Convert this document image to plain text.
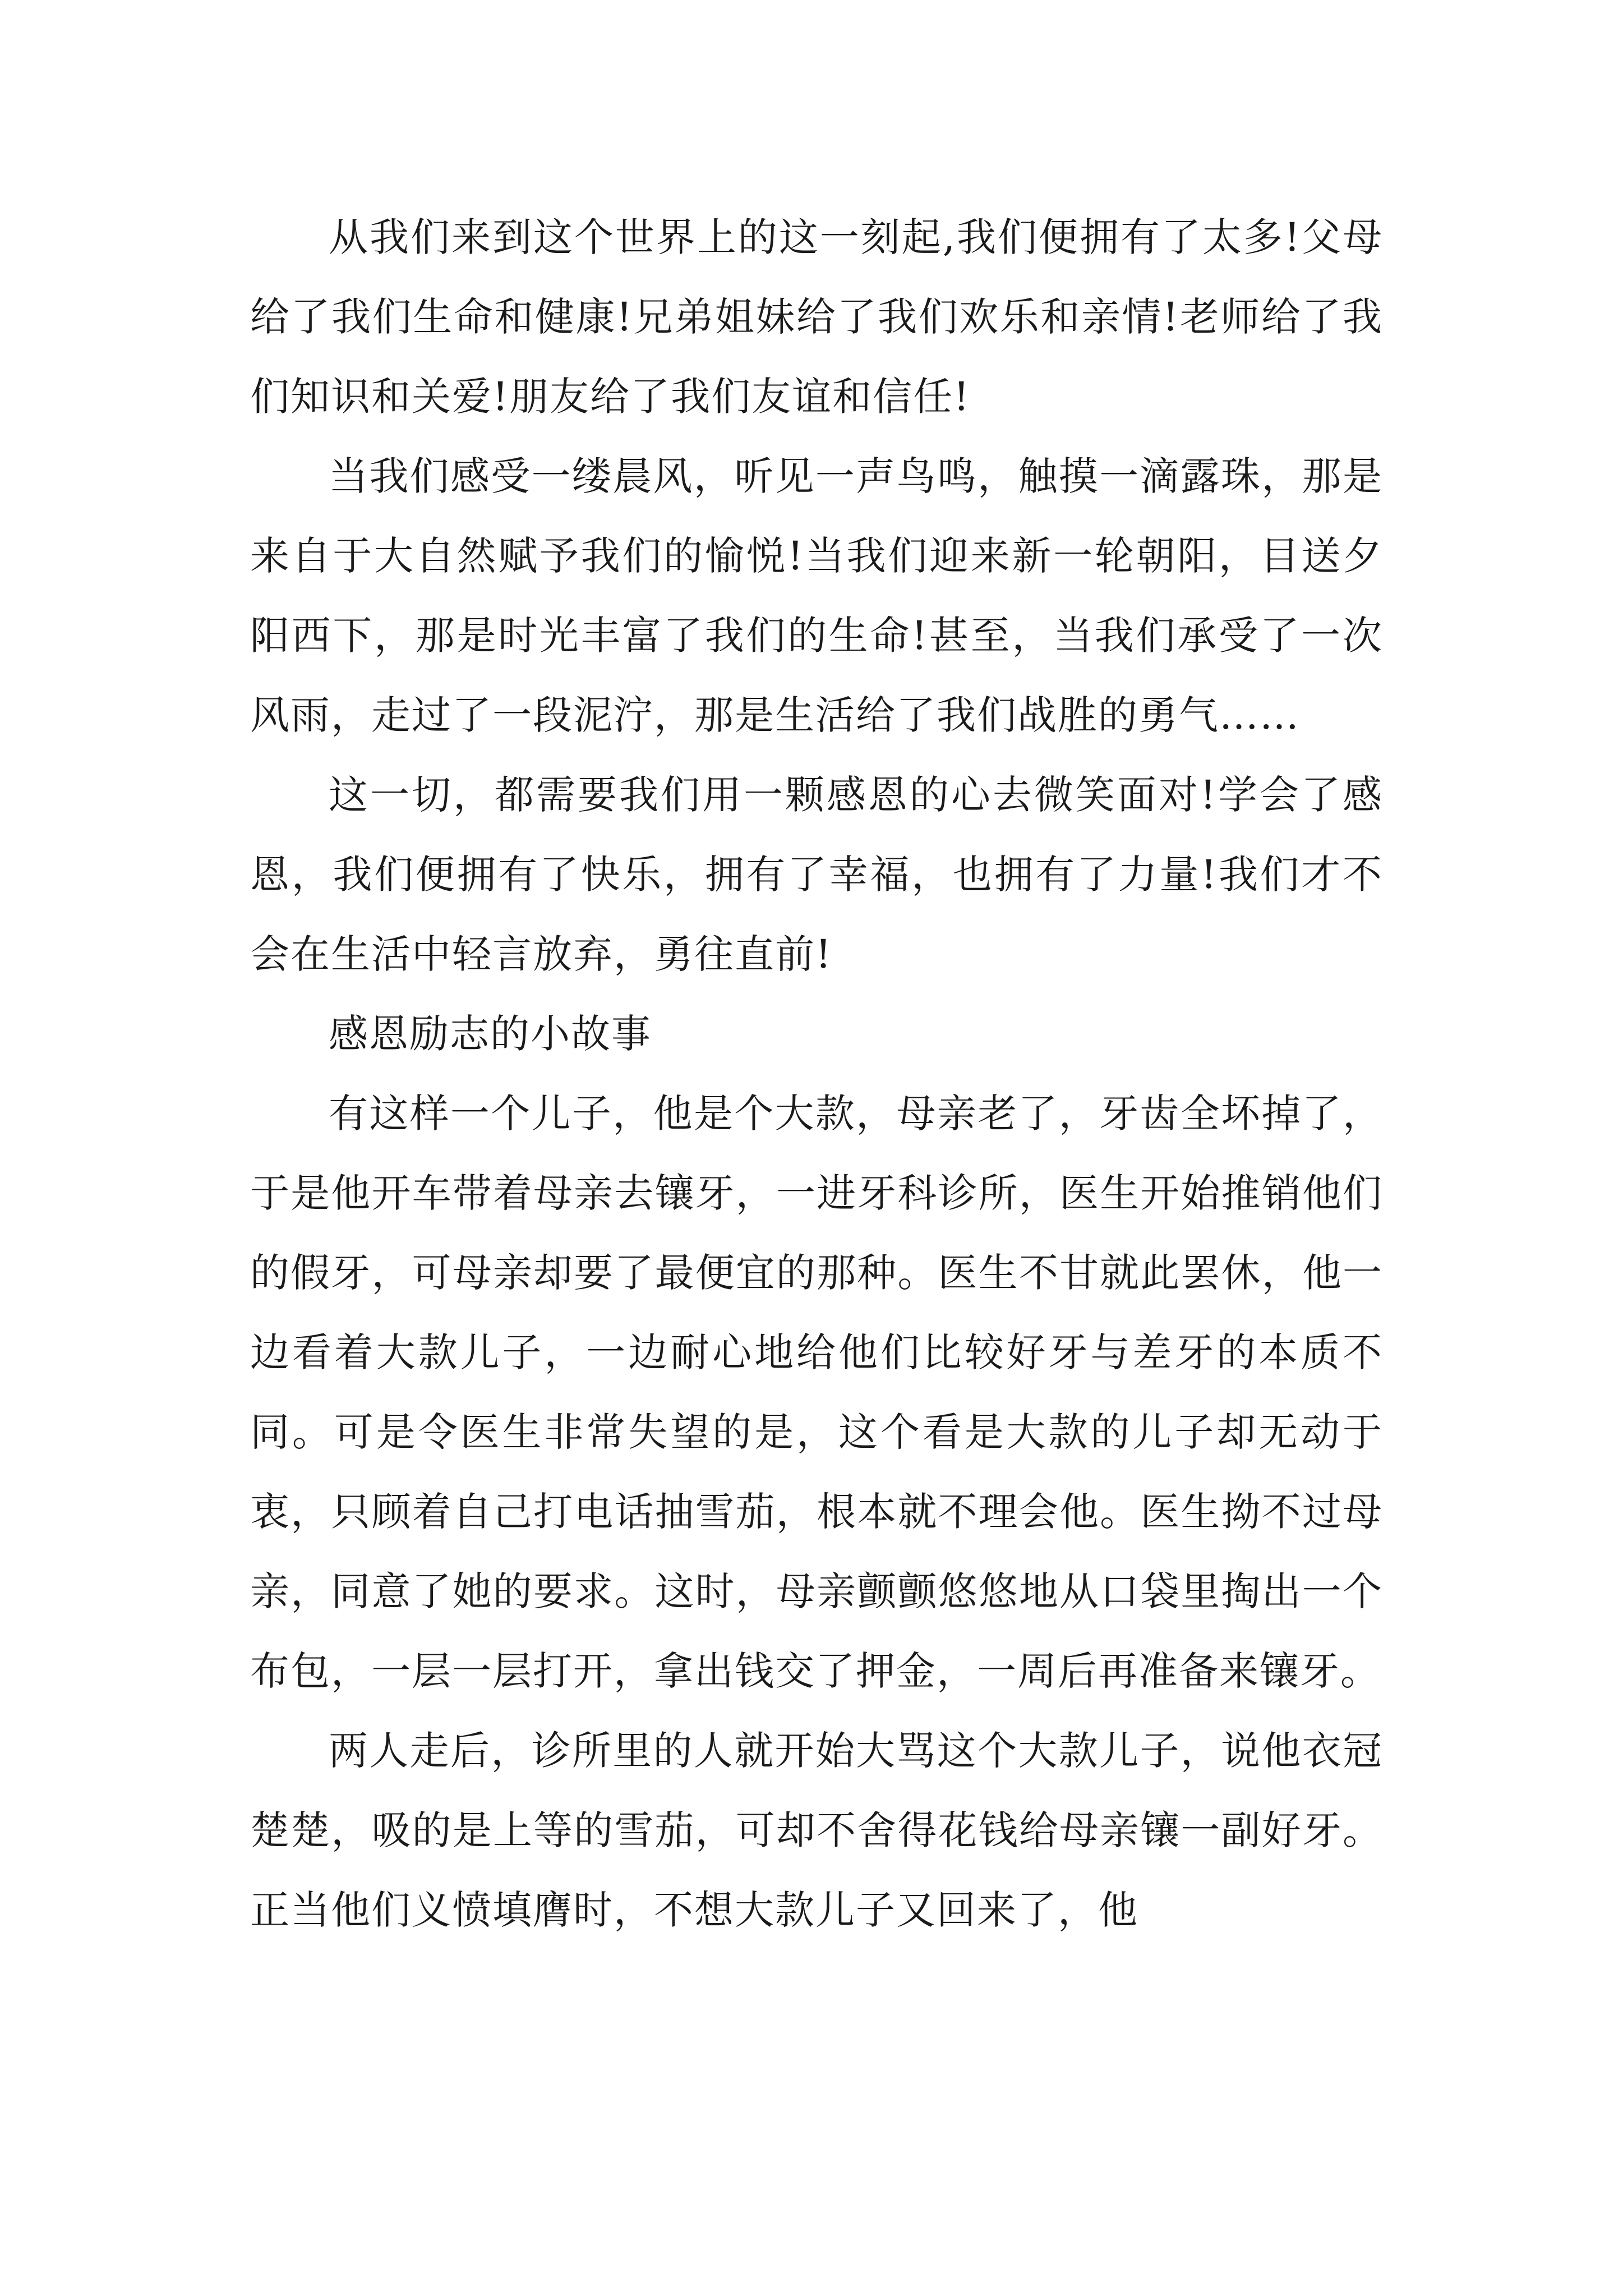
从我们来到这个世界上的这一刻起,我们便拥有了太多!父母给了我们生命和健康!兄弟姐妹给了我们欢乐和亲情!老师给了我们知识和关爱!朋友给了我们友谊和信任!

当我们感受一缕晨风，听见一声鸟鸣，触摸一滴露珠，那是来自于大自然赋予我们的愉悦!当我们迎来新一轮朝阳，目送夕阳西下，那是时光丰富了我们的生命!甚至，当我们承受了一次风雨，走过了一段泥泞，那是生活给了我们战胜的勇气……

这一切，都需要我们用一颗感恩的心去微笑面对!学会了感恩，我们便拥有了快乐，拥有了幸福，也拥有了力量!我们才不会在生活中轻言放弃，勇往直前!

感恩励志的小故事

有这样一个儿子，他是个大款，母亲老了，牙齿全坏掉了，于是他开车带着母亲去镶牙，一进牙科诊所，医生开始推销他们的假牙，可母亲却要了最便宜的那种。医生不甘就此罢休，他一边看着大款儿子，一边耐心地给他们比较好牙与差牙的本质不同。可是令医生非常失望的是，这个看是大款的儿子却无动于衷，只顾着自己打电话抽雪茄，根本就不理会他。医生拗不过母亲，同意了她的要求。这时，母亲颤颤悠悠地从口袋里掏出一个布包，一层一层打开，拿出钱交了押金，一周后再准备来镶牙。

两人走后，诊所里的人就开始大骂这个大款儿子，说他衣冠楚楚，吸的是上等的雪茄，可却不舍得花钱给母亲镶一副好牙。正当他们义愤填膺时，不想大款儿子又回来了，他
